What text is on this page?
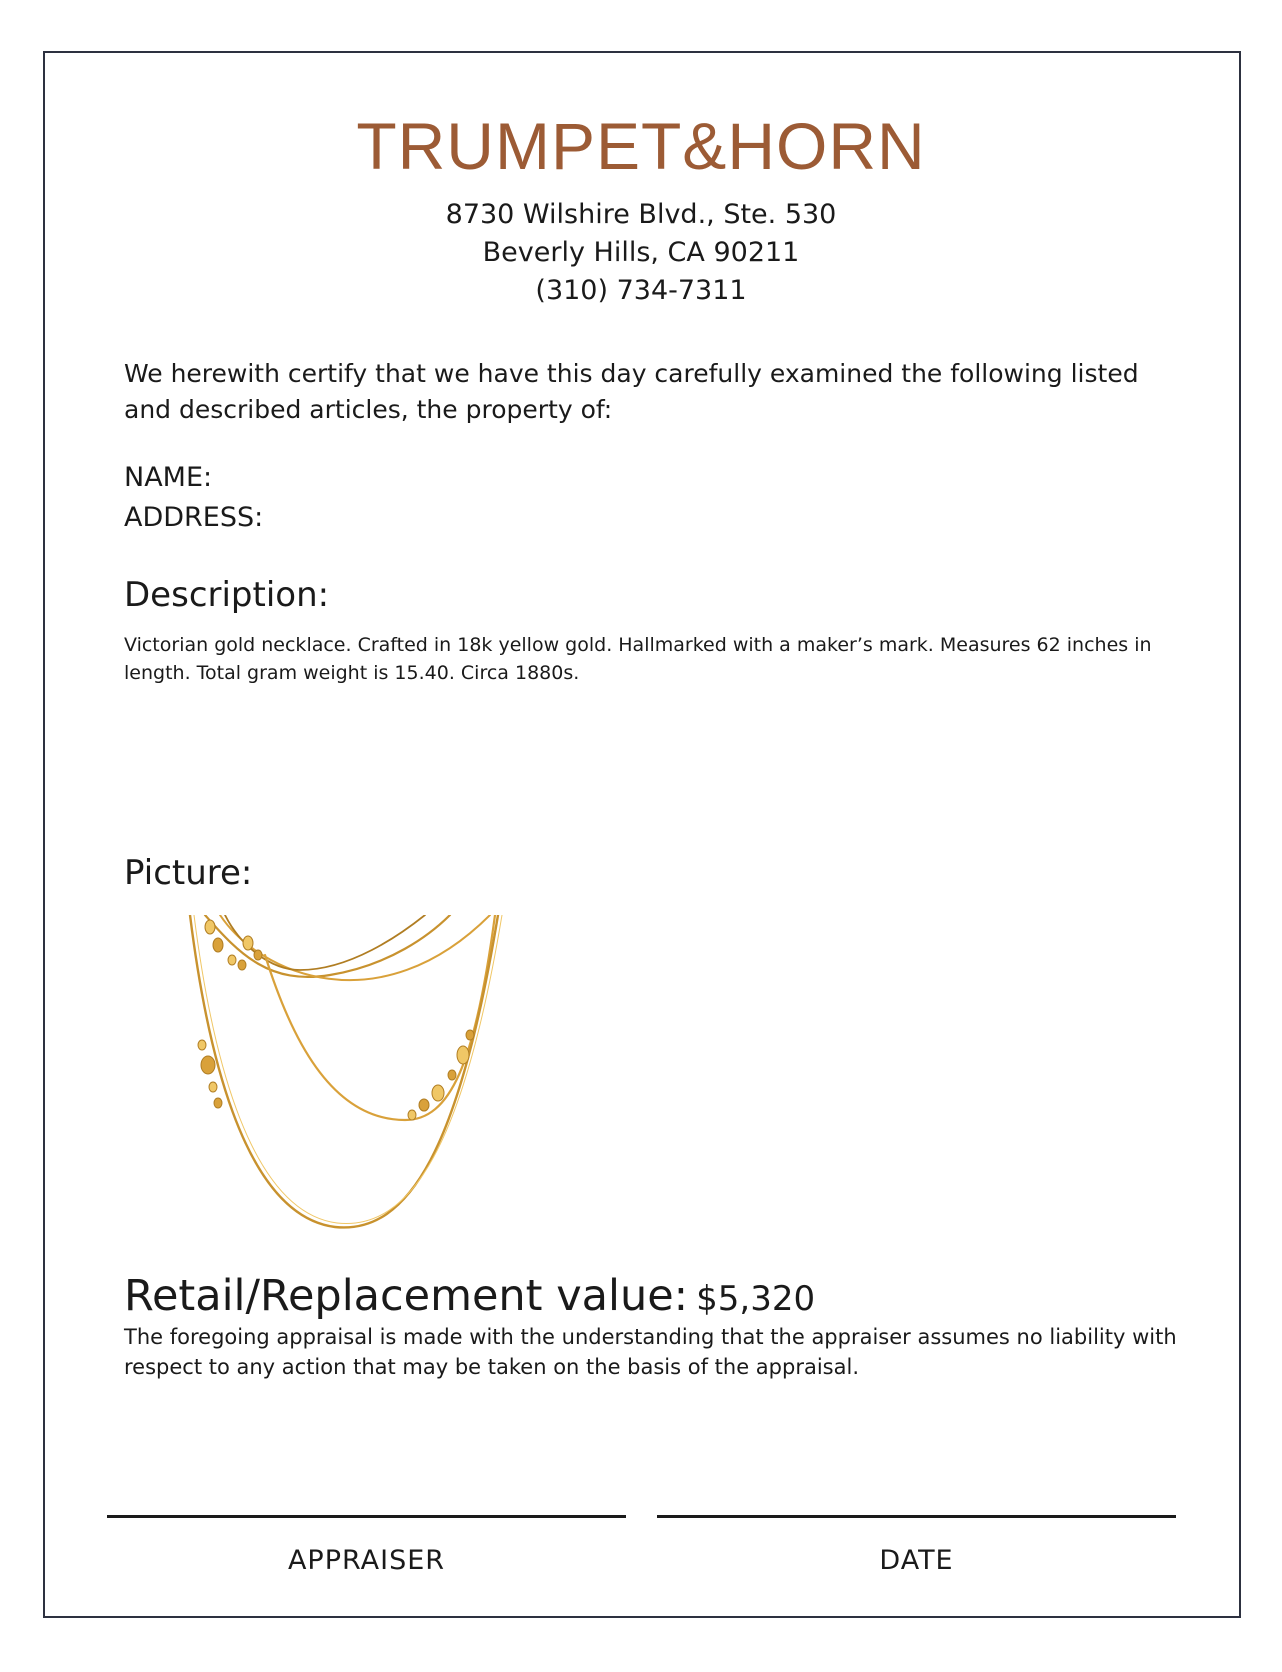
TRUMPET&HORN
8730 Wilshire Blvd., Ste. 530
Beverly Hills, CA 90211
(310) 734-7311
We herewith certify that we have this day carefully examined the following listed and described articles, the property of:
NAME:
ADDRESS:
Description:
Victorian gold necklace. Crafted in 18k yellow gold. Hallmarked with a maker’s mark. Measures 62 inches in length. Total gram weight is 15.40. Circa 1880s.
Picture:
Retail/Replacement value: $5,320
The foregoing appraisal is made with the understanding that the appraiser assumes no liability with respect to any action that may be taken on the basis of the appraisal.
APPRAISER	DATE
